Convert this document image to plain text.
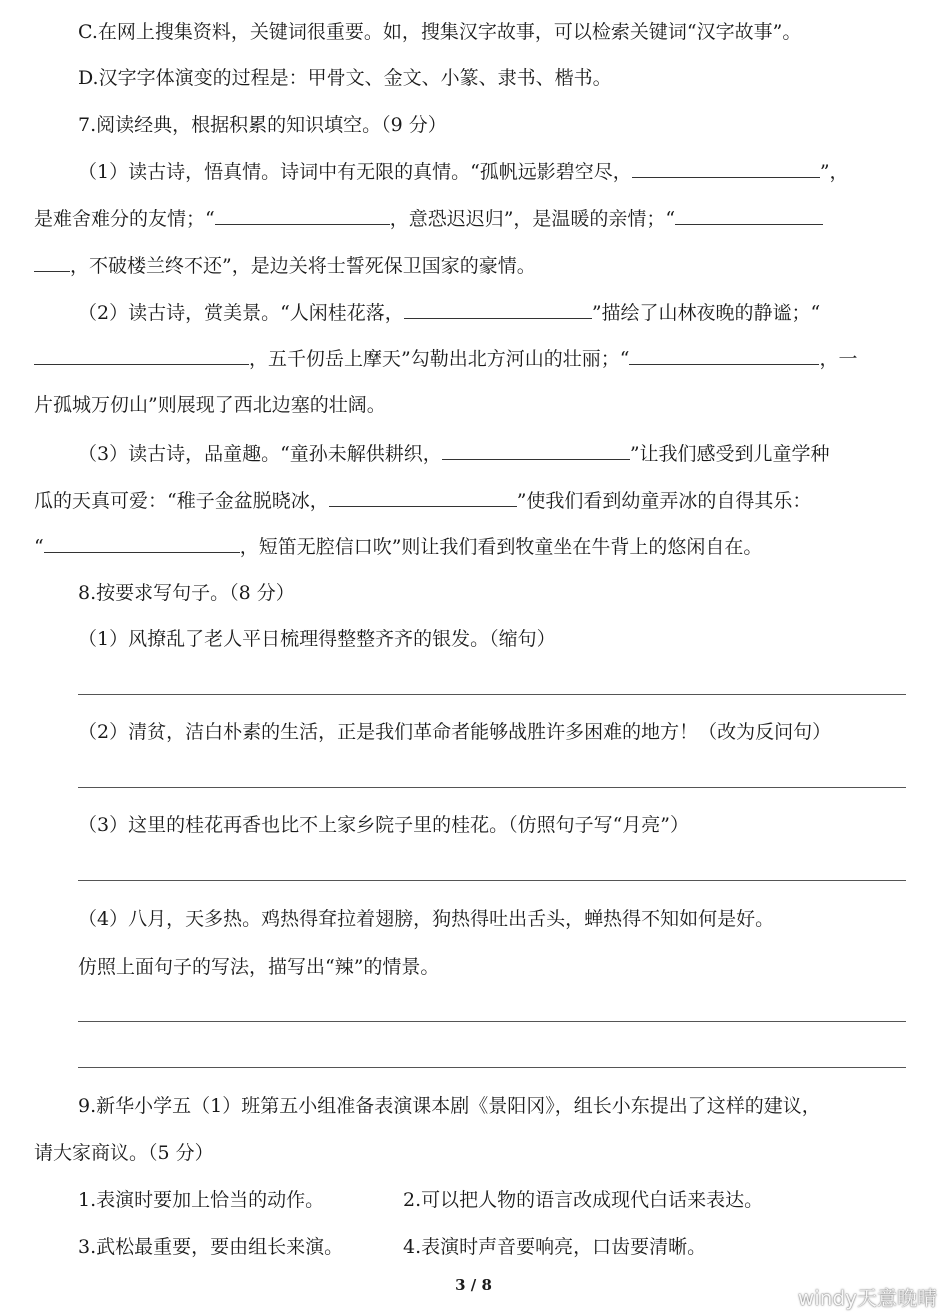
C.在网上搜集资料，关键词很重要。如，搜集汉字故事，可以检索关键词“汉字故事”。
D.汉字字体演变的过程是：甲骨文、金文、小篆、隶书、楷书。
7.阅读经典，根据积累的知识填空。（9 分）
（1）读古诗，悟真情。诗词中有无限的真情。“孤帆远影碧空尽，	”，
是难舍难分的友情；“	，意恐迟迟归”，是温暖的亲情；“
，不破楼兰终不还”，是边关将士誓死保卫国家的豪情。
（2）读古诗，赏美景。“人闲桂花落，	”描绘了山林夜晚的静谧；“
，五千仞岳上摩天”勾勒出北方河山的壮丽；“	，一
片孤城万仞山”则展现了西北边塞的壮阔。
（3）读古诗，品童趣。“童孙未解供耕织，	”让我们感受到儿童学种
瓜的天真可爱：“稚子金盆脱晓冰，	”使我们看到幼童弄冰的自得其乐：
“	，短笛无腔信口吹”则让我们看到牧童坐在牛背上的悠闲自在。
8.按要求写句子。（8 分）
（1）风撩乱了老人平日梳理得整整齐齐的银发。（缩句）
（2）清贫，洁白朴素的生活，正是我们革命者能够战胜许多困难的地方！（改为反问句）
（3）这里的桂花再香也比不上家乡院子里的桂花。（仿照句子写“月亮”）
（4）八月，天多热。鸡热得耷拉着翅膀，狗热得吐出舌头，蝉热得不知如何是好。
仿照上面句子的写法，描写出“辣”的情景。
9.新华小学五（1）班第五小组准备表演课本剧《景阳冈》，组长小东提出了这样的建议，
请大家商议。（5 分）
1.表演时要加上恰当的动作。	2.可以把人物的语言改成现代白话来表达。
3.武松最重要，要由组长来演。	4.表演时声音要响亮，口齿要清晰。
3 / 8
windy天意晚晴
